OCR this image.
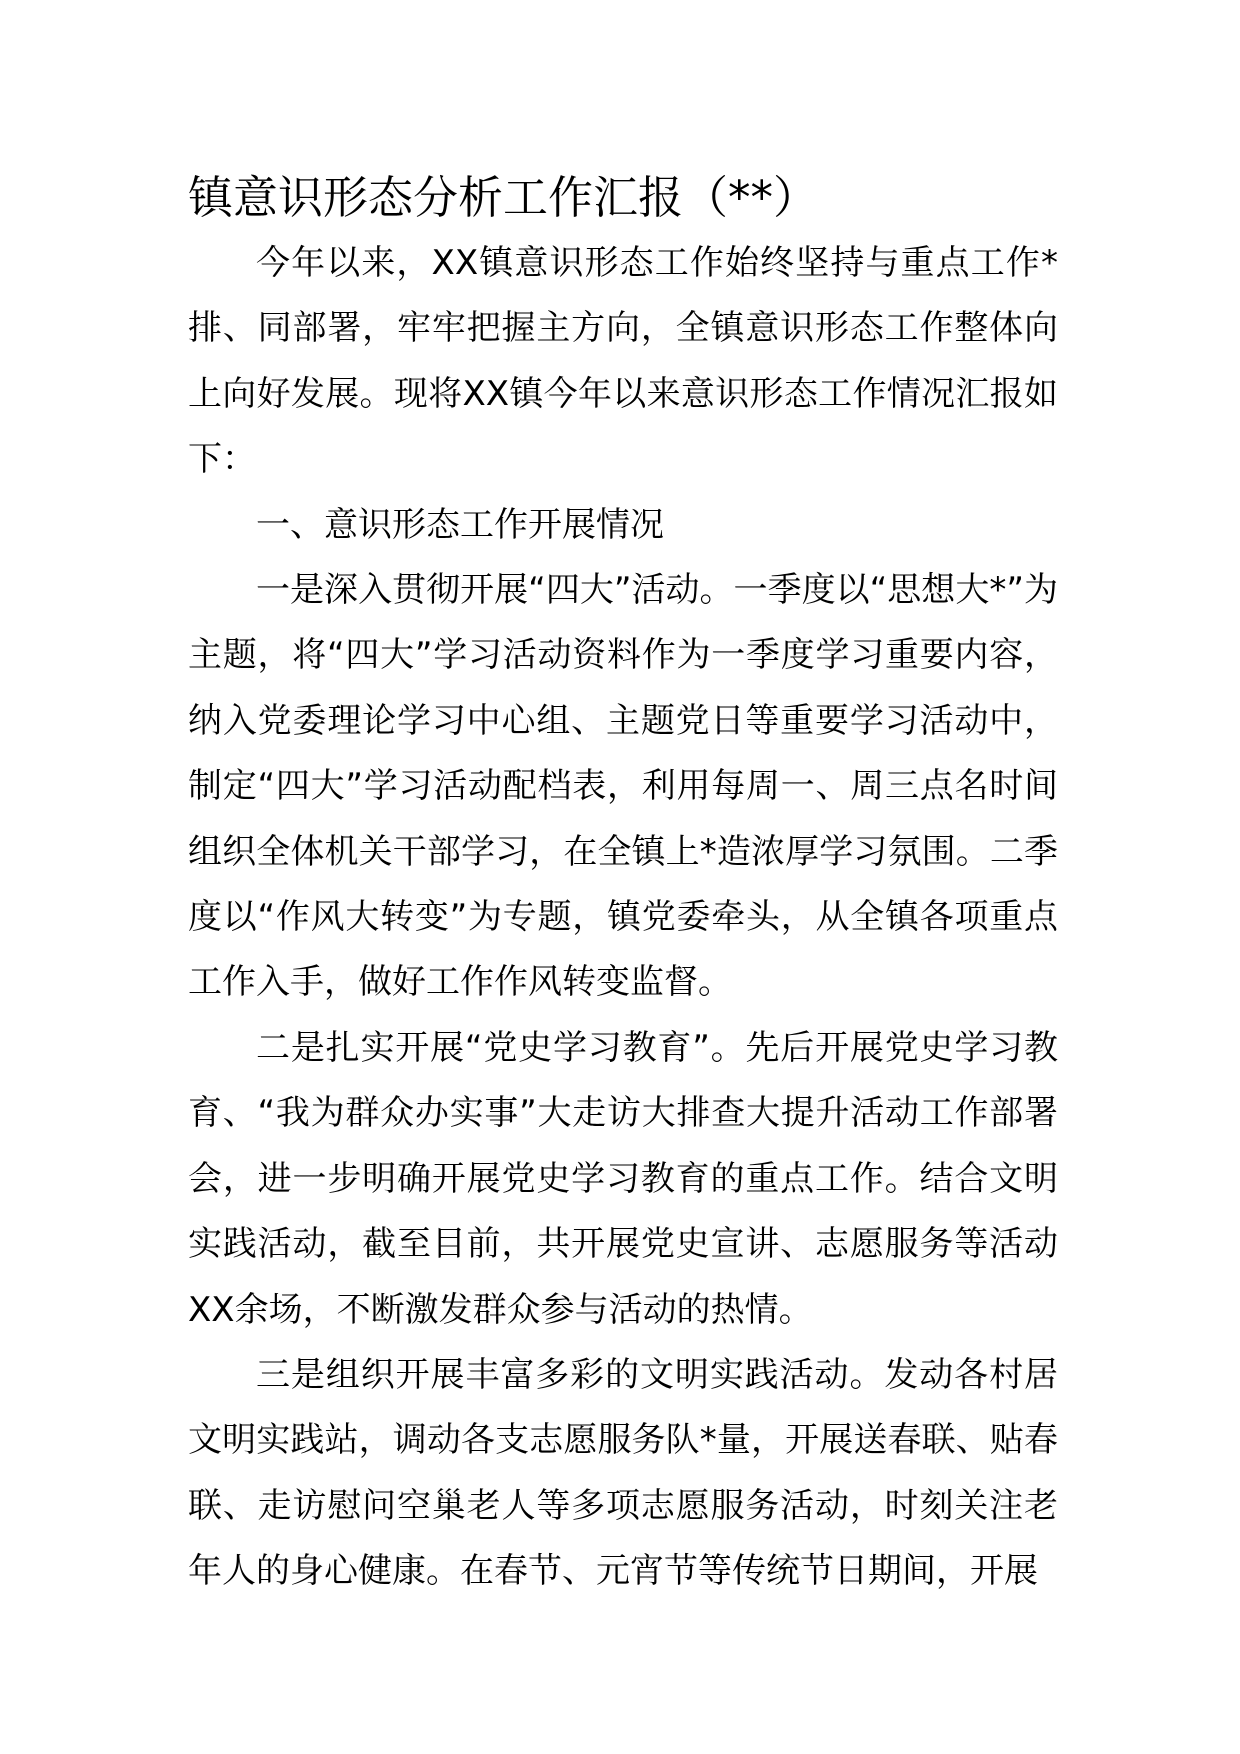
镇意识形态分析工作汇报（**）

今年以来，XX镇意识形态工作始终坚持与重点工作*排、同部署，牢牢把握主方向，全镇意识形态工作整体向上向好发展。现将XX镇今年以来意识形态工作情况汇报如下：

一、意识形态工作开展情况

一是深入贯彻开展“四大”活动。一季度以“思想大*”为主题，将“四大”学习活动资料作为一季度学习重要内容，纳入党委理论学习中心组、主题党日等重要学习活动中，制定“四大”学习活动配档表，利用每周一、周三点名时间组织全体机关干部学习，在全镇上*造浓厚学习氛围。二季度以“作风大转变”为专题，镇党委牵头，从全镇各项重点工作入手，做好工作作风转变监督。

二是扎实开展“党史学习教育”。先后开展党史学习教育、“我为群众办实事”大走访大排查大提升活动工作部署会，进一步明确开展党史学习教育的重点工作。结合文明实践活动，截至目前，共开展党史宣讲、志愿服务等活动XX余场，不断激发群众参与活动的热情。

三是组织开展丰富多彩的文明实践活动。发动各村居文明实践站，调动各支志愿服务队*量，开展送春联、贴春联、走访慰问空巢老人等多项志愿服务活动，时刻关注老年人的身心健康。在春节、元宵节等传统节日期间，开展
